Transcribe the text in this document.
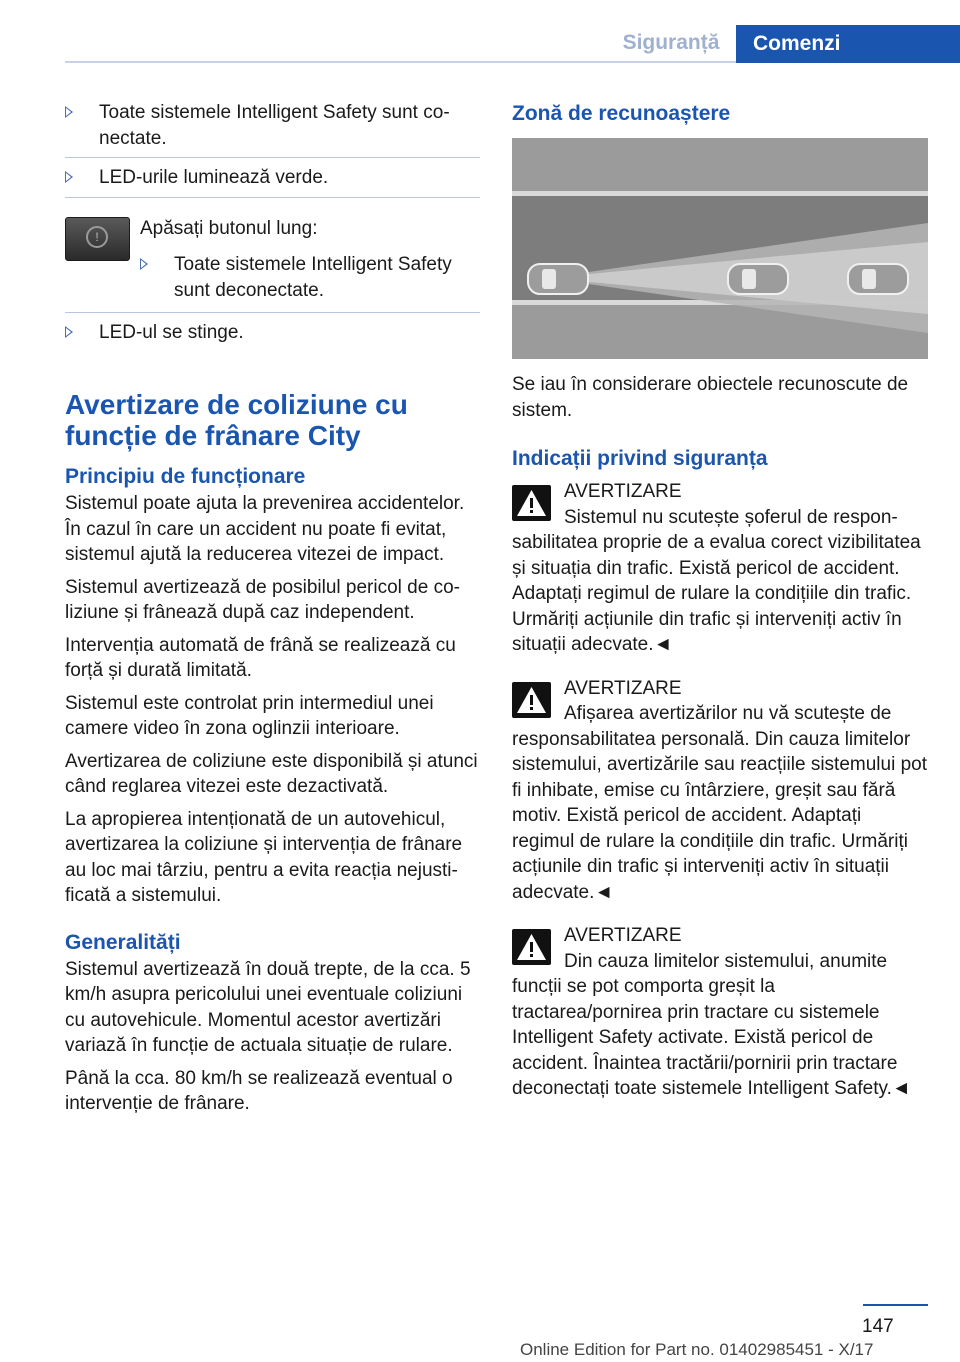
Siguranță	Comenzi

Toate sistemele Intelligent Safety sunt conectate.

LED-urile luminează verde.

!	Apăsați butonul lung:

Toate sistemele Intelligent Safety sunt deconectate.

LED-ul se stinge.

Avertizare de coliziune cu funcție de frânare City
Principiu de funcționare

Sistemul poate ajuta la prevenirea accidentelor. În cazul în care un accident nu poate fi evitat, sistemul ajută la reducerea vitezei de impact.

Sistemul avertizează de posibilul pericol de coliziune și frânează după caz independent.

Intervenția automată de frână se realizează cu forță și durată limitată.

Sistemul este controlat prin intermediul unei camere video în zona oglinzii interioare.

Avertizarea de coliziune este disponibilă și atunci când reglarea vitezei este dezactivată.

La apropierea intenționată de un autovehicul, avertizarea la coliziune și intervenția de frânare au loc mai târziu, pentru a evita reacția nejustificată a sistemului.

Generalități

Sistemul avertizează în două trepte, de la cca. 5 km/h asupra pericolului unei eventuale coliziuni cu autovehicule. Momentul acestor avertizări variază în funcție de actuala situație de rulare.

Până la cca. 80 km/h se realizează eventual o intervenție de frânare.

Zonă de recunoaștere

Se iau în considerare obiectele recunoscute de sistem.

Indicații privind siguranța

AVERTIZARE

Sistemul nu scutește șoferul de responsabilitatea proprie de a evalua corect vizibilitatea și situația din trafic. Există pericol de accident. Adaptați regimul de rulare la condițiile din trafic. Urmăriți acțiunile din trafic și interveniți activ în situații adecvate.◄

AVERTIZARE

Afișarea avertizărilor nu vă scutește de responsabilitatea personală. Din cauza limitelor sistemului, avertizările sau reacțiile sistemului pot fi inhibate, emise cu întârziere, greșit sau fără motiv. Există pericol de accident. Adaptați regimul de rulare la condițiile din trafic. Urmăriți acțiunile din trafic și interveniți activ în situații adecvate.◄

AVERTIZARE

Din cauza limitelor sistemului, anumite funcții se pot comporta greșit la tractarea/pornirea prin tractare cu sistemele Intelligent Safety activate. Există pericol de accident. Înaintea tractării/pornirii prin tractare deconectați toate sistemele Intelligent Safety.◄

147
Online Edition for Part no. 01402985451 - X/17
